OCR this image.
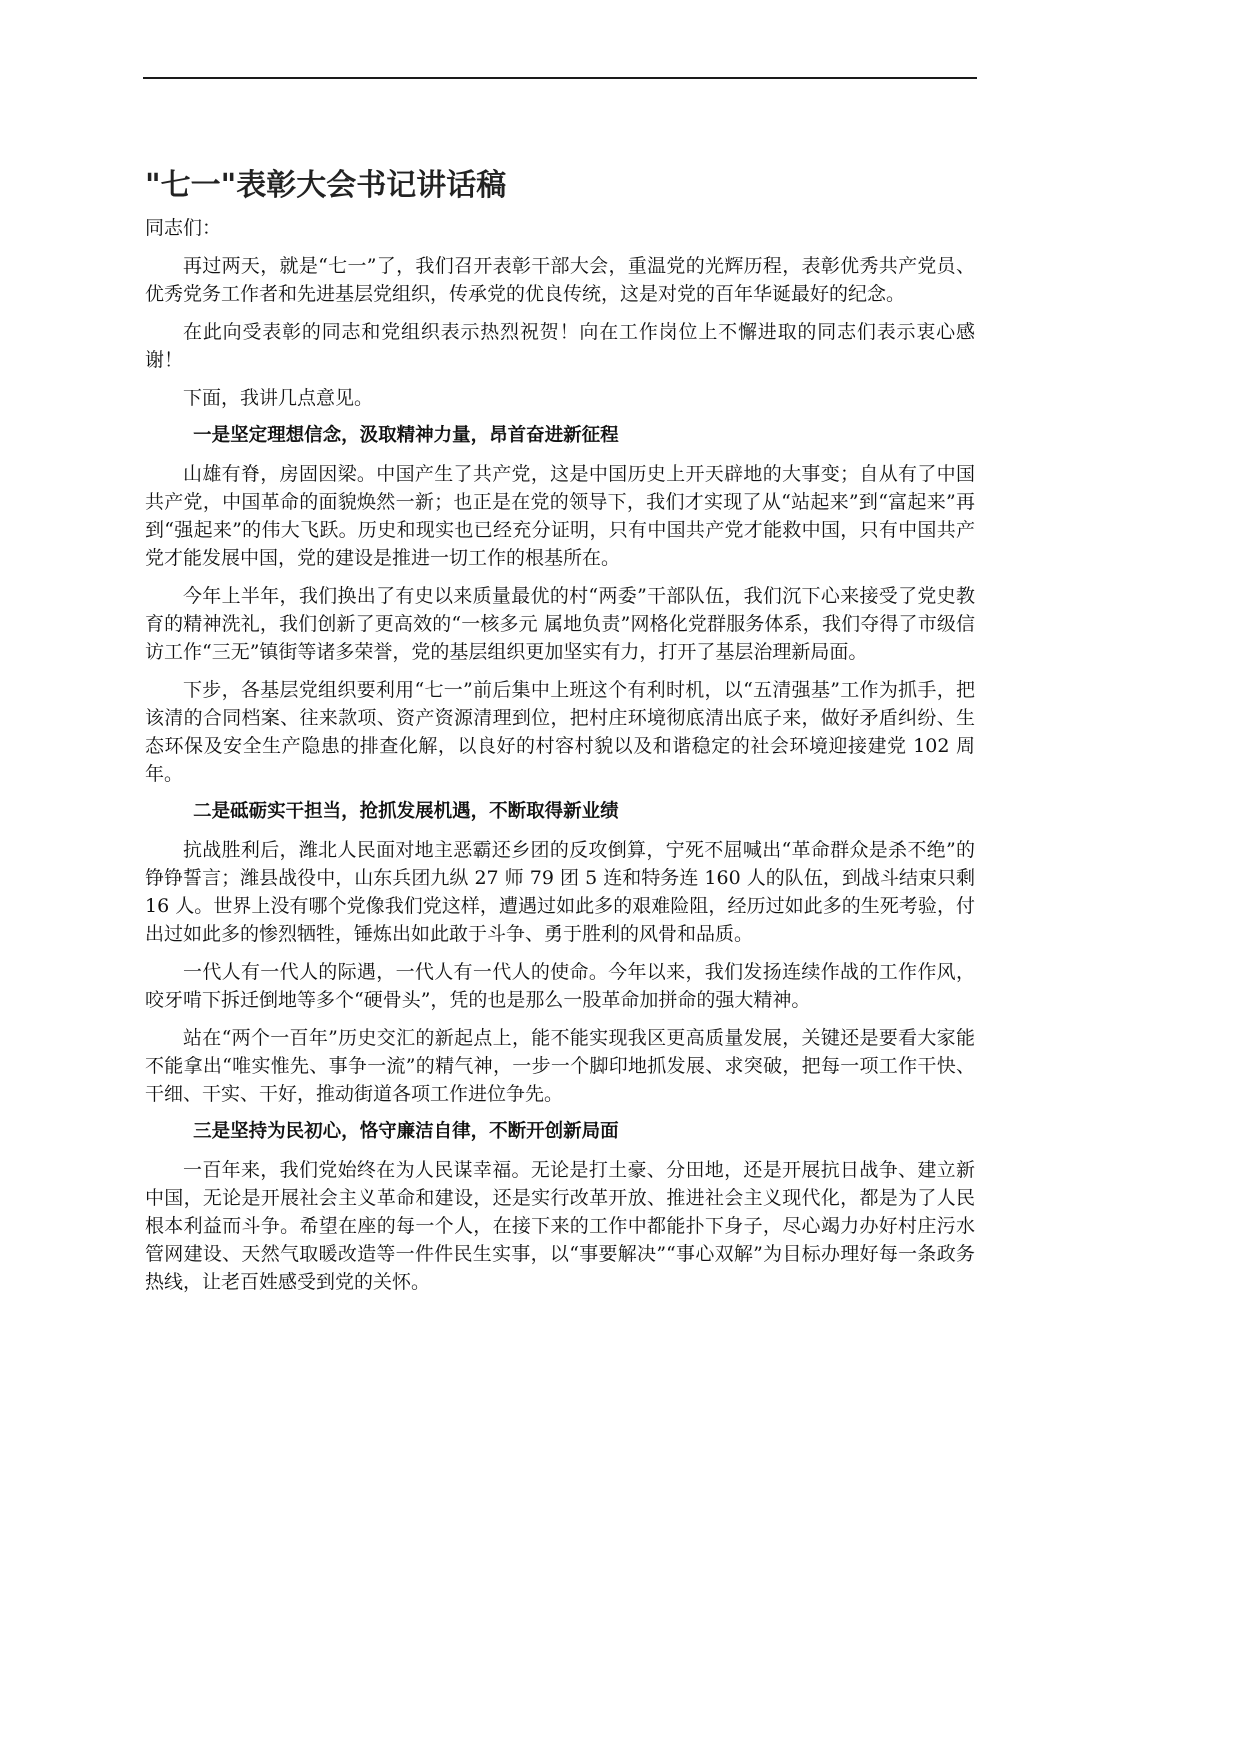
"七一"表彰大会书记讲话稿

同志们：

再过两天，就是“七一”了，我们召开表彰干部大会，重温党的光辉历程，表彰优秀共产党员、优秀党务工作者和先进基层党组织，传承党的优良传统，这是对党的百年华诞最好的纪念。

在此向受表彰的同志和党组织表示热烈祝贺！向在工作岗位上不懈进取的同志们表示衷心感谢！

下面，我讲几点意见。

一是坚定理想信念，汲取精神力量，昂首奋进新征程

山雄有脊，房固因梁。中国产生了共产党，这是中国历史上开天辟地的大事变；自从有了中国共产党，中国革命的面貌焕然一新；也正是在党的领导下，我们才实现了从“站起来”到“富起来”再到“强起来”的伟大飞跃。历史和现实也已经充分证明，只有中国共产党才能救中国，只有中国共产党才能发展中国，党的建设是推进一切工作的根基所在。

今年上半年，我们换出了有史以来质量最优的村“两委”干部队伍，我们沉下心来接受了党史教育的精神洗礼，我们创新了更高效的“一核多元 属地负责”网格化党群服务体系，我们夺得了市级信访工作“三无”镇街等诸多荣誉，党的基层组织更加坚实有力，打开了基层治理新局面。

下步，各基层党组织要利用“七一”前后集中上班这个有利时机，以“五清强基”工作为抓手，把该清的合同档案、往来款项、资产资源清理到位，把村庄环境彻底清出底子来，做好矛盾纠纷、生态环保及安全生产隐患的排查化解，以良好的村容村貌以及和谐稳定的社会环境迎接建党 102 周年。

二是砥砺实干担当，抢抓发展机遇，不断取得新业绩

抗战胜利后，潍北人民面对地主恶霸还乡团的反攻倒算，宁死不屈喊出“革命群众是杀不绝”的铮铮誓言；潍县战役中，山东兵团九纵 27 师 79 团 5 连和特务连 160 人的队伍，到战斗结束只剩 16 人。世界上没有哪个党像我们党这样，遭遇过如此多的艰难险阻，经历过如此多的生死考验，付出过如此多的惨烈牺牲，锤炼出如此敢于斗争、勇于胜利的风骨和品质。

一代人有一代人的际遇，一代人有一代人的使命。今年以来，我们发扬连续作战的工作作风，咬牙啃下拆迁倒地等多个“硬骨头”，凭的也是那么一股革命加拼命的强大精神。

站在“两个一百年”历史交汇的新起点上，能不能实现我区更高质量发展，关键还是要看大家能不能拿出“唯实惟先、事争一流”的精气神，一步一个脚印地抓发展、求突破，把每一项工作干快、干细、干实、干好，推动街道各项工作进位争先。

三是坚持为民初心，恪守廉洁自律，不断开创新局面

一百年来，我们党始终在为人民谋幸福。无论是打土豪、分田地，还是开展抗日战争、建立新中国，无论是开展社会主义革命和建设，还是实行改革开放、推进社会主义现代化，都是为了人民根本利益而斗争。希望在座的每一个人，在接下来的工作中都能扑下身子，尽心竭力办好村庄污水管网建设、天然气取暖改造等一件件民生实事，以“事要解决”“事心双解”为目标办理好每一条政务热线，让老百姓感受到党的关怀。
